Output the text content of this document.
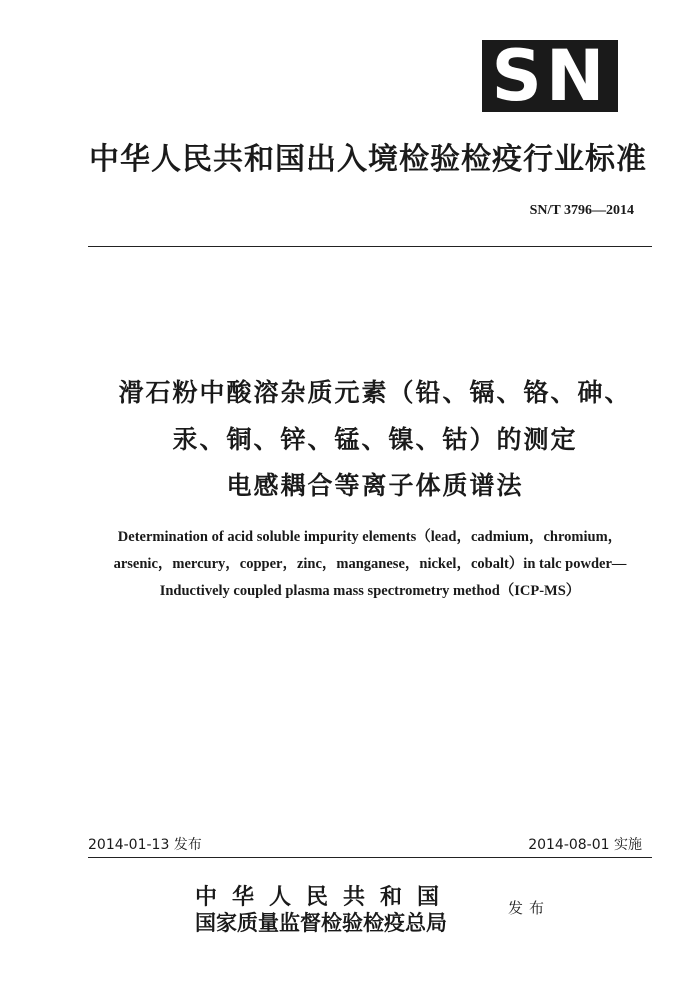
SN
中华人民共和国出入境检验检疫行业标准
SN/T 3796—2014
滑石粉中酸溶杂质元素（铅、镉、铬、砷、
汞、铜、锌、锰、镍、钴）的测定
电感耦合等离子体质谱法
Determination of acid soluble impurity elements（lead，cadmium，chromium，
arsenic，mercury，copper，zinc，manganese，nickel，cobalt）in talc powder—
Inductively coupled plasma mass spectrometry method（ICP-MS）
2014-01-13 发布	2014-08-01 实施
中华人民共和国
国家质量监督检验检疫总局
发布
